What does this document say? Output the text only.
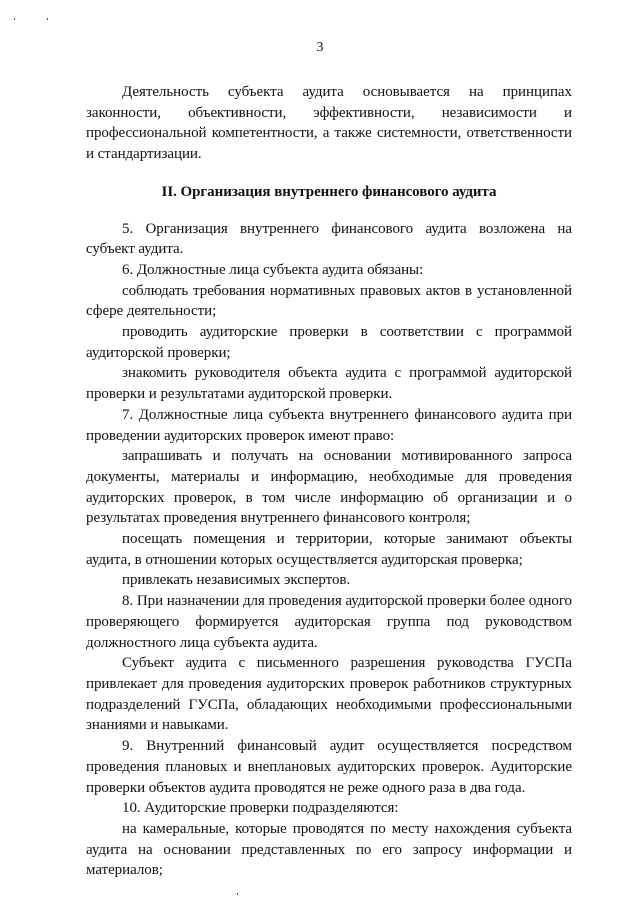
3

Деятельность субъекта аудита основывается на принципах законности, объективности, эффективности, независимости и профессиональной компетентности, а также системности, ответственности и стандартизации.

II. Организация внутреннего финансового аудита

5. Организация внутреннего финансового аудита возложена на субъект аудита.

6. Должностные лица субъекта аудита обязаны:

соблюдать требования нормативных правовых актов в установленной сфере деятельности;

проводить аудиторские проверки в соответствии с программой аудиторской проверки;

знакомить руководителя объекта аудита с программой аудиторской проверки и результатами аудиторской проверки.

7. Должностные лица субъекта внутреннего финансового аудита при проведении аудиторских проверок имеют право:

запрашивать и получать на основании мотивированного запроса документы, материалы и информацию, необходимые для проведения аудиторских проверок, в том числе информацию об организации и о результатах проведения внутреннего финансового контроля;

посещать помещения и территории, которые занимают объекты аудита, в отношении которых осуществляется аудиторская проверка;

привлекать независимых экспертов.

8. При назначении для проведения аудиторской проверки более одного проверяющего формируется аудиторская группа под руководством должностного лица субъекта аудита.

Субъект аудита с письменного разрешения руководства ГУСПа привлекает для проведения аудиторских проверок работников структурных подразделений ГУСПа, обладающих необходимыми профессиональными знаниями и навыками.

9. Внутренний финансовый аудит осуществляется посредством проведения плановых и внеплановых аудиторских проверок. Аудиторские проверки объектов аудита проводятся не реже одного раза в два года.

10. Аудиторские проверки подразделяются:

на камеральные, которые проводятся по месту нахождения субъекта аудита на основании представленных по его запросу информации и материалов;
